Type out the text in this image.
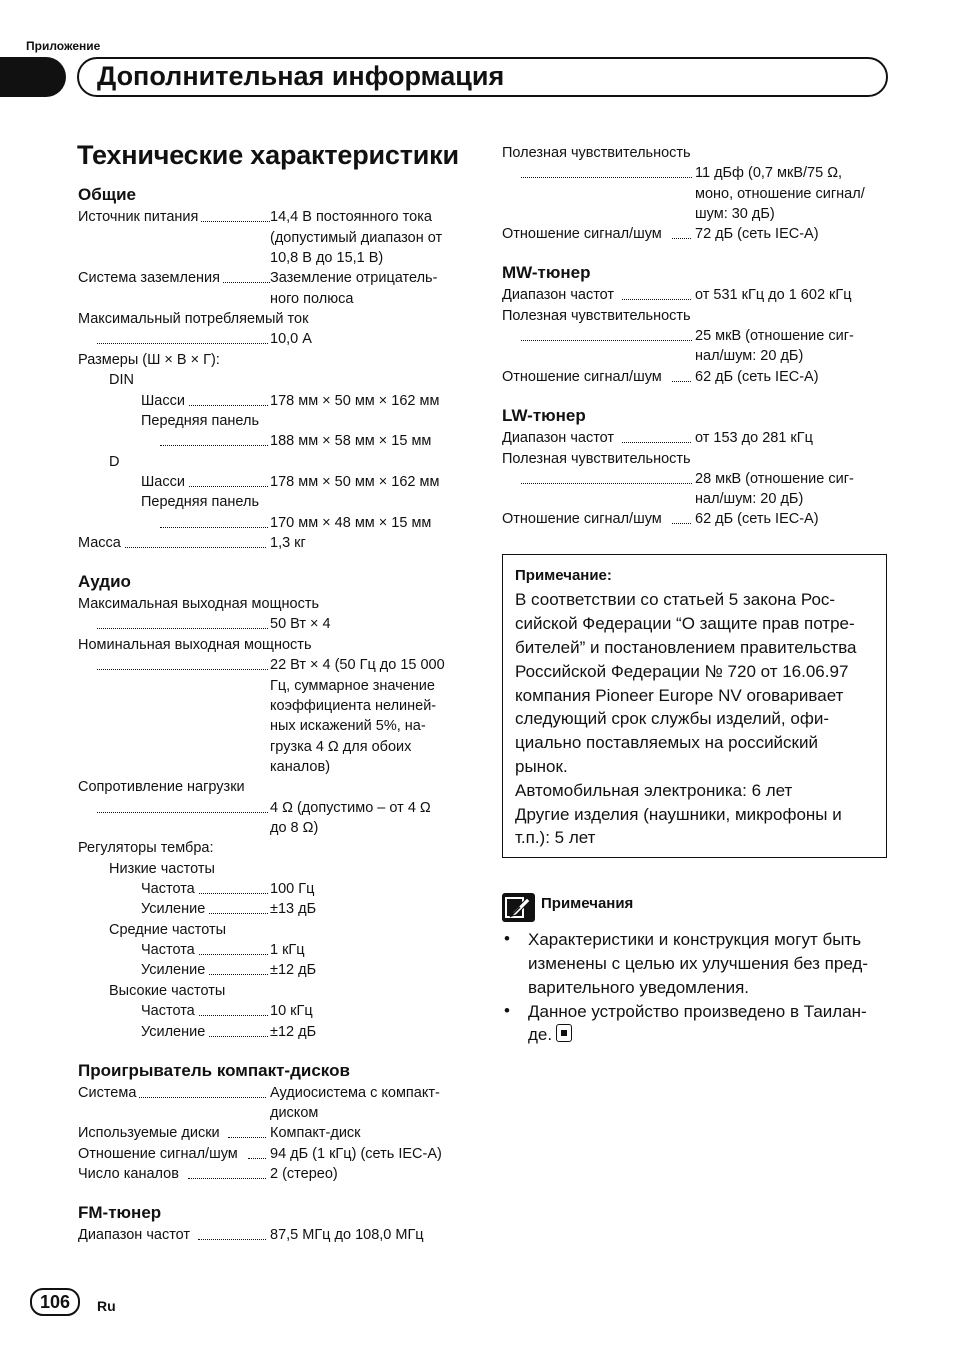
Приложение
Дополнительная информация
Технические характеристики
Общие
Источник питания	14,4 В постоянного тока
(допустимый диапазон от
10,8 В до 15,1 В)
Система заземления	Заземление отрицатель-
ного полюса
Максимальный потребляемый ток
10,0 А
Размеры (Ш × В × Г):
DIN
Шасси	178 мм × 50 мм × 162 мм
Передняя панель
188 мм × 58 мм × 15 мм
D
Шасси	178 мм × 50 мм × 162 мм
Передняя панель
170 мм × 48 мм × 15 мм
Масса	1,3 кг
Аудио
Максимальная выходная мощность
50 Вт × 4
Номинальная выходная мощность
22 Вт × 4 (50 Гц до 15 000
Гц, суммарное значение
коэффициента нелиней-
ных искажений 5%, на-
грузка 4 Ω для обоих
каналов)
Сопротивление нагрузки
4 Ω (допустимо – от 4 Ω
до 8 Ω)
Регуляторы тембра:
Низкие частоты
Частота	100 Гц
Усиление	±13 дБ
Средние частоты
Частота	1 кГц
Усиление	±12 дБ
Высокие частоты
Частота	10 кГц
Усиление	±12 дБ
Проигрыватель компакт-дисков
Система	Аудиосистема с компакт-
диском
Используемые диски	Компакт-диск
Отношение сигнал/шум 94 дБ (1 кГц) (сеть IEC-A)
Число каналов	2 (стерео)
FM-тюнер
Диапазон частот	87,5 МГц до 108,0 МГц
Полезная чувствительность
11 дБф (0,7 мкВ/75 Ω,
моно, отношение сигнал/
шум: 30 дБ)
Отношение сигнал/шум 72 дБ (сеть IEC-A)
MW-тюнер
Диапазон частот	от 531 кГц до 1 602 кГц
Полезная чувствительность
25 мкВ (отношение сиг-
нал/шум: 20 дБ)
Отношение сигнал/шум 62 дБ (сеть IEC-A)
LW-тюнер
Диапазон частот	от 153 до 281 кГц
Полезная чувствительность
28 мкВ (отношение сиг-
нал/шум: 20 дБ)
Отношение сигнал/шум 62 дБ (сеть IEC-A)
Примечание:
В соответствии со статьей 5 закона Рос-
сийской Федерации “О защите прав потре-
бителей” и постановлением правительства
Российской Федерации № 720 от 16.06.97
компания Pioneer Europe NV оговаривает
следующий срок службы изделий, офи-
циально поставляемых на российский
рынок.
Автомобильная электроника: 6 лет
Другие изделия (наушники, микрофоны и
т.п.): 5 лет
Примечания
• Характеристики и конструкция могут быть
изменены с целью их улучшения без пред-
варительного уведомления.
• Данное устройство произведено в Таилан-
де.
106	Ru
